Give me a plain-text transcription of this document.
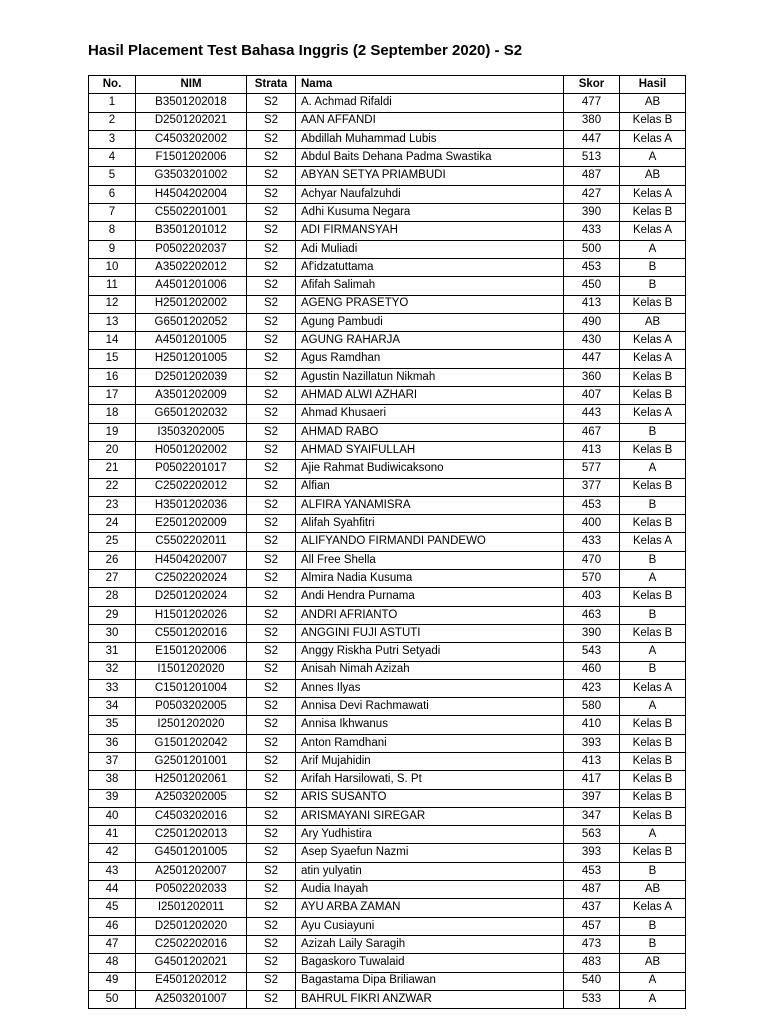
Hasil Placement Test Bahasa Inggris (2 September 2020) - S2
No.	NIM	Strata	Nama	Skor	Hasil
1	B3501202018	S2	A. Achmad Rifaldi	477	AB
2	D2501202021	S2	AAN AFFANDI	380	Kelas B
3	C4503202002	S2	Abdillah Muhammad Lubis	447	Kelas A
4	F1501202006	S2	Abdul Baits Dehana Padma Swastika	513	A
5	G3503201002	S2	ABYAN SETYA PRIAMBUDI	487	AB
6	H4504202004	S2	Achyar Naufalzuhdi	427	Kelas A
7	C5502201001	S2	Adhi Kusuma Negara	390	Kelas B
8	B3501201012	S2	ADI FIRMANSYAH	433	Kelas A
9	P0502202037	S2	Adi Muliadi	500	A
10	A3502202012	S2	Af'idzatuttama	453	B
11	A4501201006	S2	Afifah Salimah	450	B
12	H2501202002	S2	AGENG PRASETYO	413	Kelas B
13	G6501202052	S2	Agung Pambudi	490	AB
14	A4501201005	S2	AGUNG RAHARJA	430	Kelas A
15	H2501201005	S2	Agus Ramdhan	447	Kelas A
16	D2501202039	S2	Agustin Nazillatun Nikmah	360	Kelas B
17	A3501202009	S2	AHMAD ALWI AZHARI	407	Kelas B
18	G6501202032	S2	Ahmad Khusaeri	443	Kelas A
19	I3503202005	S2	AHMAD RABO	467	B
20	H0501202002	S2	AHMAD SYAIFULLAH	413	Kelas B
21	P0502201017	S2	Ajie Rahmat Budiwicaksono	577	A
22	C2502202012	S2	Alfian	377	Kelas B
23	H3501202036	S2	ALFIRA YANAMISRA	453	B
24	E2501202009	S2	Alifah Syahfitri	400	Kelas B
25	C5502202011	S2	ALIFYANDO FIRMANDI PANDEWO	433	Kelas A
26	H4504202007	S2	All Free Shella	470	B
27	C2502202024	S2	Almira Nadia Kusuma	570	A
28	D2501202024	S2	Andi Hendra Purnama	403	Kelas B
29	H1501202026	S2	ANDRI AFRIANTO	463	B
30	C5501202016	S2	ANGGINI FUJI ASTUTI	390	Kelas B
31	E1501202006	S2	Anggy Riskha Putri Setyadi	543	A
32	I1501202020	S2	Anisah Nimah Azizah	460	B
33	C1501201004	S2	Annes Ilyas	423	Kelas A
34	P0503202005	S2	Annisa Devi Rachmawati	580	A
35	I2501202020	S2	Annisa Ikhwanus	410	Kelas B
36	G1501202042	S2	Anton Ramdhani	393	Kelas B
37	G2501201001	S2	Arif Mujahidin	413	Kelas B
38	H2501202061	S2	Arifah Harsilowati, S. Pt	417	Kelas B
39	A2503202005	S2	ARIS SUSANTO	397	Kelas B
40	C4503202016	S2	ARISMAYANI SIREGAR	347	Kelas B
41	C2501202013	S2	Ary Yudhistira	563	A
42	G4501201005	S2	Asep Syaefun Nazmi	393	Kelas B
43	A2501202007	S2	atin yulyatin	453	B
44	P0502202033	S2	Audia Inayah	487	AB
45	I2501202011	S2	AYU ARBA ZAMAN	437	Kelas A
46	D2501202020	S2	Ayu Cusiayuni	457	B
47	C2502202016	S2	Azizah Laily Saragih	473	B
48	G4501202021	S2	Bagaskoro Tuwalaid	483	AB
49	E4501202012	S2	Bagastama Dipa Briliawan	540	A
50	A2503201007	S2	BAHRUL FIKRI ANZWAR	533	A
